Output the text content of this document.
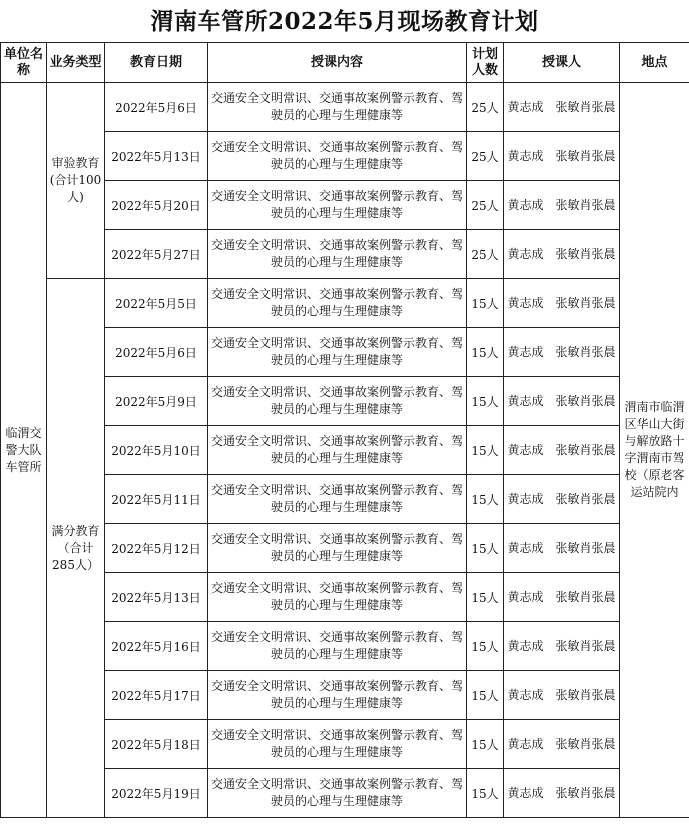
渭南车管所2022年5月现场教育计划
单位名称	业务类型	教育日期	授课内容	计划人数	授课人	地点
临渭交警大队车管所	审验教育(合计100人)	2022年5月6日	交通安全文明常识、交通事故案例警示教育、驾驶员的心理与生理健康等	25人	黄志成　张敏肖张晨	渭南市临渭区华山大街与解放路十字渭南市驾校（原老客运站院内
		2022年5月13日	交通安全文明常识、交通事故案例警示教育、驾驶员的心理与生理健康等	25人	黄志成　张敏肖张晨	
		2022年5月20日	交通安全文明常识、交通事故案例警示教育、驾驶员的心理与生理健康等	25人	黄志成　张敏肖张晨	
		2022年5月27日	交通安全文明常识、交通事故案例警示教育、驾驶员的心理与生理健康等	25人	黄志成　张敏肖张晨	
	满分教育（合计285人）	2022年5月5日	交通安全文明常识、交通事故案例警示教育、驾驶员的心理与生理健康等	15人	黄志成　张敏肖张晨	
		2022年5月6日	交通安全文明常识、交通事故案例警示教育、驾驶员的心理与生理健康等	15人	黄志成　张敏肖张晨	
		2022年5月9日	交通安全文明常识、交通事故案例警示教育、驾驶员的心理与生理健康等	15人	黄志成　张敏肖张晨	
		2022年5月10日	交通安全文明常识、交通事故案例警示教育、驾驶员的心理与生理健康等	15人	黄志成　张敏肖张晨	
		2022年5月11日	交通安全文明常识、交通事故案例警示教育、驾驶员的心理与生理健康等	15人	黄志成　张敏肖张晨	
		2022年5月12日	交通安全文明常识、交通事故案例警示教育、驾驶员的心理与生理健康等	15人	黄志成　张敏肖张晨	
		2022年5月13日	交通安全文明常识、交通事故案例警示教育、驾驶员的心理与生理健康等	15人	黄志成　张敏肖张晨	
		2022年5月16日	交通安全文明常识、交通事故案例警示教育、驾驶员的心理与生理健康等	15人	黄志成　张敏肖张晨	
		2022年5月17日	交通安全文明常识、交通事故案例警示教育、驾驶员的心理与生理健康等	15人	黄志成　张敏肖张晨	
		2022年5月18日	交通安全文明常识、交通事故案例警示教育、驾驶员的心理与生理健康等	15人	黄志成　张敏肖张晨	
		2022年5月19日	交通安全文明常识、交通事故案例警示教育、驾驶员的心理与生理健康等	15人	黄志成　张敏肖张晨	
